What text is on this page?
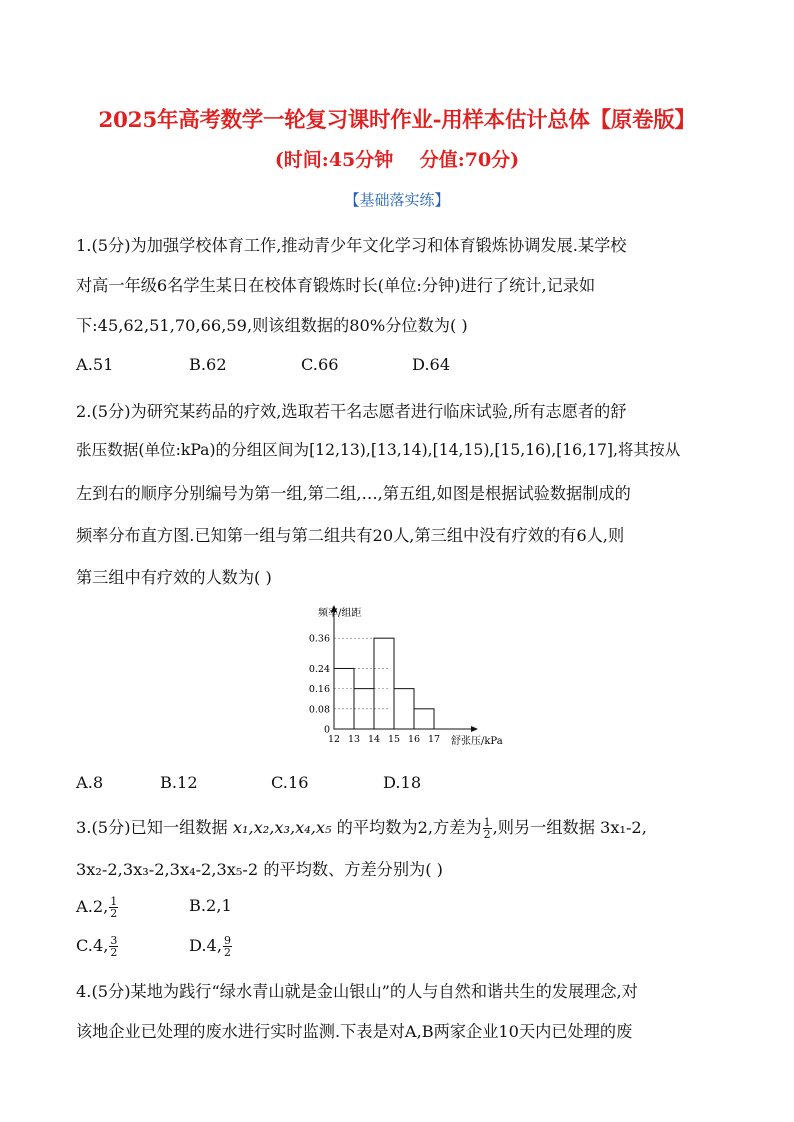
2025年高考数学一轮复习课时作业-用样本估计总体【原卷版】
(时间:45分钟    分值:70分)
【基础落实练】
1.(5分)为加强学校体育工作,推动青少年文化学习和体育锻炼协调发展.某学校
对高一年级6名学生某日在校体育锻炼时长(单位:分钟)进行了统计,记录如
下:45,62,51,70,66,59,则该组数据的80%分位数为( )
A.51	B.62	C.66	D.64
2.(5分)为研究某药品的疗效,选取若干名志愿者进行临床试验,所有志愿者的舒
张压数据(单位:kPa)的分组区间为[12,13),[13,14),[14,15),[15,16),[16,17],将其按从
左到右的顺序分别编号为第一组,第二组,…,第五组,如图是根据试验数据制成的
频率分布直方图.已知第一组与第二组共有20人,第三组中没有疗效的有6人,则
第三组中有疗效的人数为( )
0
0.08
0.16
0.24
0.36
12 13 14 15 16 17
频率/组距
舒张压/kPa
A.8	B.12	C.16	D.18
3.(5分)已知一组数据 x₁,x₂,x₃,x₄,x₅ 的平均数为2,方差为 $\frac{1}{2}$ ,则另一组数据 3x₁-2,
3x₂-2,3x₃-2,3x₄-2,3x₅-2 的平均数、方差分别为( )
A.2, $\frac{1}{2}$	B.2,1
C.4, $\frac{3}{2}$	D.4, $\frac{9}{2}$
4.(5分)某地为践行“绿水青山就是金山银山”的人与自然和谐共生的发展理念,对
该地企业已处理的废水进行实时监测.下表是对A,B两家企业10天内已处理的废
